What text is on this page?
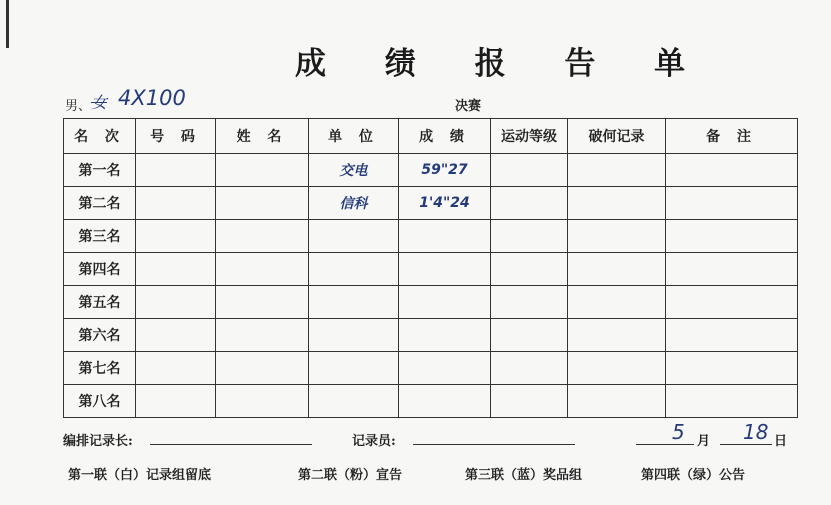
成 绩 报 告 单
男、 女 4X100	决赛
名 次	号 码	姓 名	单 位	成 绩	运动等级	破何记录	备 注
第一名			交电	59"27			
第二名			信科	1'4"24			
第三名							
第四名							
第五名							
第六名							
第七名							
第八名							
编排记录长:	记录员:	5 月 18 日
第一联（白）记录组留底	第二联（粉）宣告	第三联（蓝）奖品组	第四联（绿）公告
